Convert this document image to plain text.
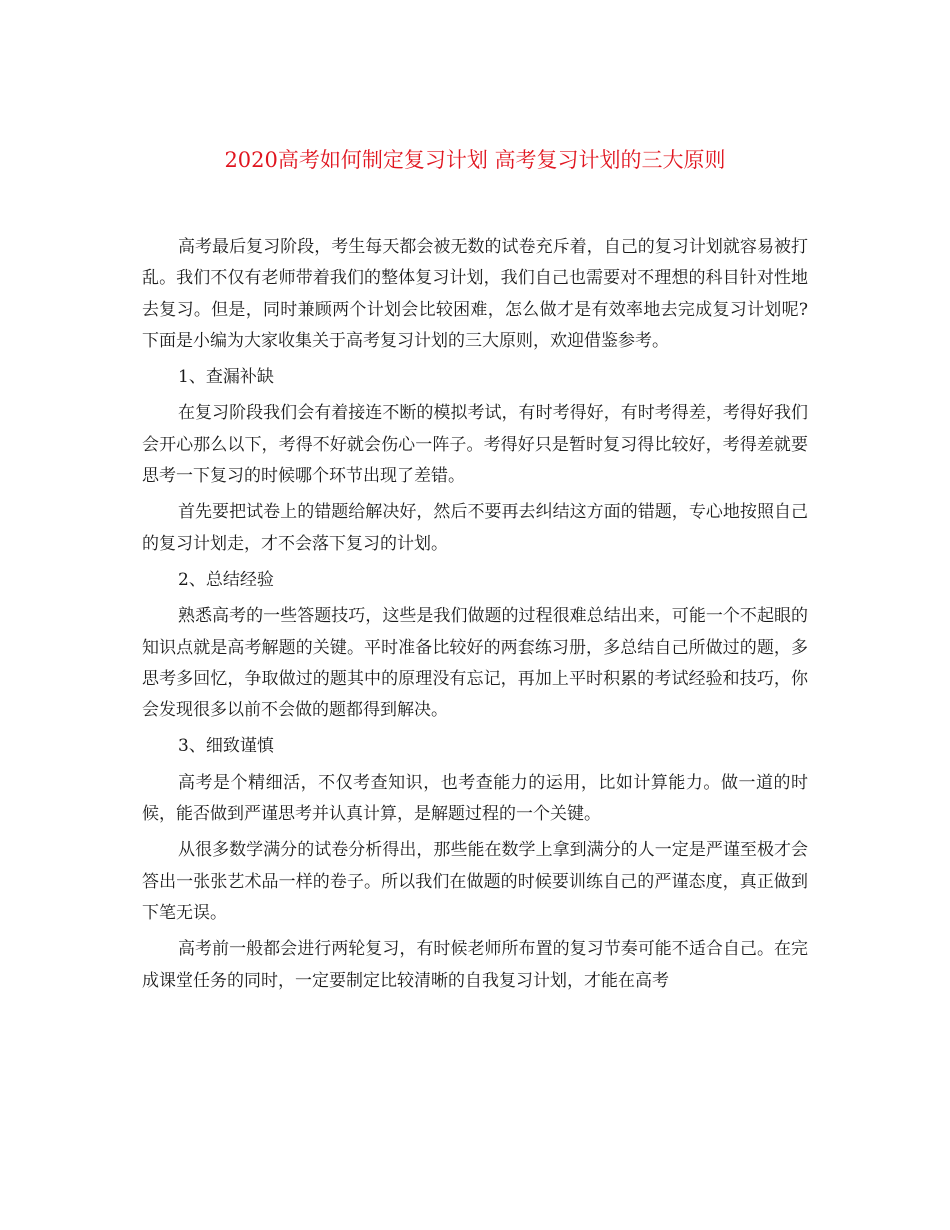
2020高考如何制定复习计划 高考复习计划的三大原则

高考最后复习阶段，考生每天都会被无数的试卷充斥着，自己的复习计划就容易被打乱。我们不仅有老师带着我们的整体复习计划，我们自己也需要对不理想的科目针对性地去复习。但是，同时兼顾两个计划会比较困难，怎么做才是有效率地去完成复习计划呢?下面是小编为大家收集关于高考复习计划的三大原则，欢迎借鉴参考。

1、查漏补缺

在复习阶段我们会有着接连不断的模拟考试，有时考得好，有时考得差，考得好我们会开心那么以下，考得不好就会伤心一阵子。考得好只是暂时复习得比较好，考得差就要思考一下复习的时候哪个环节出现了差错。

首先要把试卷上的错题给解决好，然后不要再去纠结这方面的错题，专心地按照自己的复习计划走，才不会落下复习的计划。

2、总结经验

熟悉高考的一些答题技巧，这些是我们做题的过程很难总结出来，可能一个不起眼的知识点就是高考解题的关键。平时准备比较好的两套练习册，多总结自己所做过的题，多思考多回忆，争取做过的题其中的原理没有忘记，再加上平时积累的考试经验和技巧，你会发现很多以前不会做的题都得到解决。

3、细致谨慎

高考是个精细活，不仅考查知识，也考查能力的运用，比如计算能力。做一道的时候，能否做到严谨思考并认真计算，是解题过程的一个关键。

从很多数学满分的试卷分析得出，那些能在数学上拿到满分的人一定是严谨至极才会答出一张张艺术品一样的卷子。所以我们在做题的时候要训练自己的严谨态度，真正做到下笔无误。

高考前一般都会进行两轮复习，有时候老师所布置的复习节奏可能不适合自己。在完成课堂任务的同时，一定要制定比较清晰的自我复习计划，才能在高考
